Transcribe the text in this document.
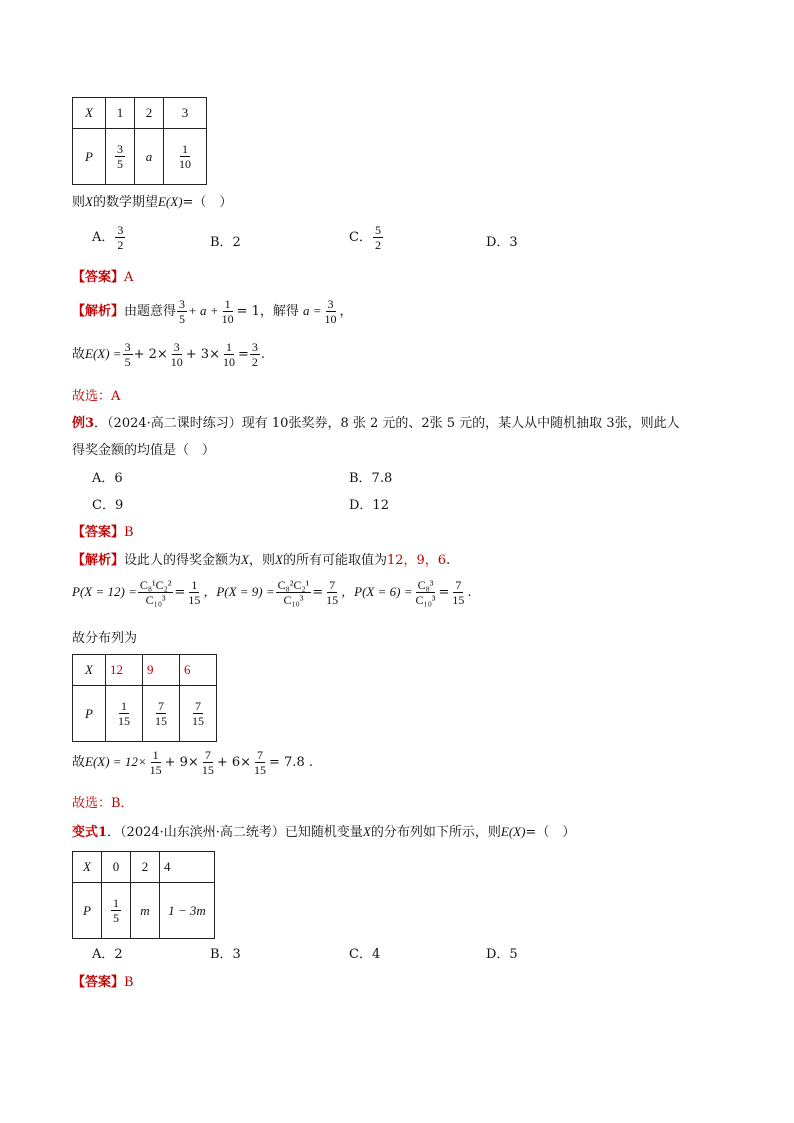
X	1	2	3
P	$\frac{3}{5}$	a	$\frac{1}{10}$
则X的数学期望E(X)=（　）
A． $\frac{3}{2}$	B．2	C． $\frac{5}{2}$	D．3
【答案】A
【解析】由题意得 $\frac{3}{5} + a + \frac{1}{10} = 1$，解得 $a = \frac{3}{10}$ ，
故$E(X) = \frac{3}{5} + 2\times \frac{3}{10} + 3\times \frac{1}{10} = \frac{3}{2}$ .
故选：A
例3．（2024·高二课时练习）现有 10张奖券，8 张 2 元的、2张 5 元的，某人从中随机抽取 3张，则此人
得奖金额的均值是（　）
A．6	B．7.8
C．9	D．12
【答案】B
【解析】设此人的得奖金额为X，则X的所有可能取值为12，9，6.
$P(X = 12) = \frac{\text{C₈¹C₂²}}{\text{C₁₀³}} = \frac{1}{15}$ ，$P(X = 9) = \frac{\text{C₈²C₂¹}}{\text{C₁₀³}} = \frac{7}{15}$ ，$P(X = 6) = \frac{\text{C₈³}}{\text{C₁₀³}} = \frac{7}{15}$ .
故分布列为
X	12	9	6
P	$\frac{1}{15}$	$\frac{7}{15}$	$\frac{7}{15}$
故$E(X) = 12\times \frac{1}{15} + 9\times \frac{7}{15} + 6\times \frac{7}{15} = 7.8$ .
故选：B．
变式1．（2024·山东滨州·高二统考）已知随机变量X的分布列如下所示，则E(X)=（　）
X	0	2	4
P	$\frac{1}{5}$	m	1 − 3m
A．2	B．3	C．4	D．5
【答案】B
